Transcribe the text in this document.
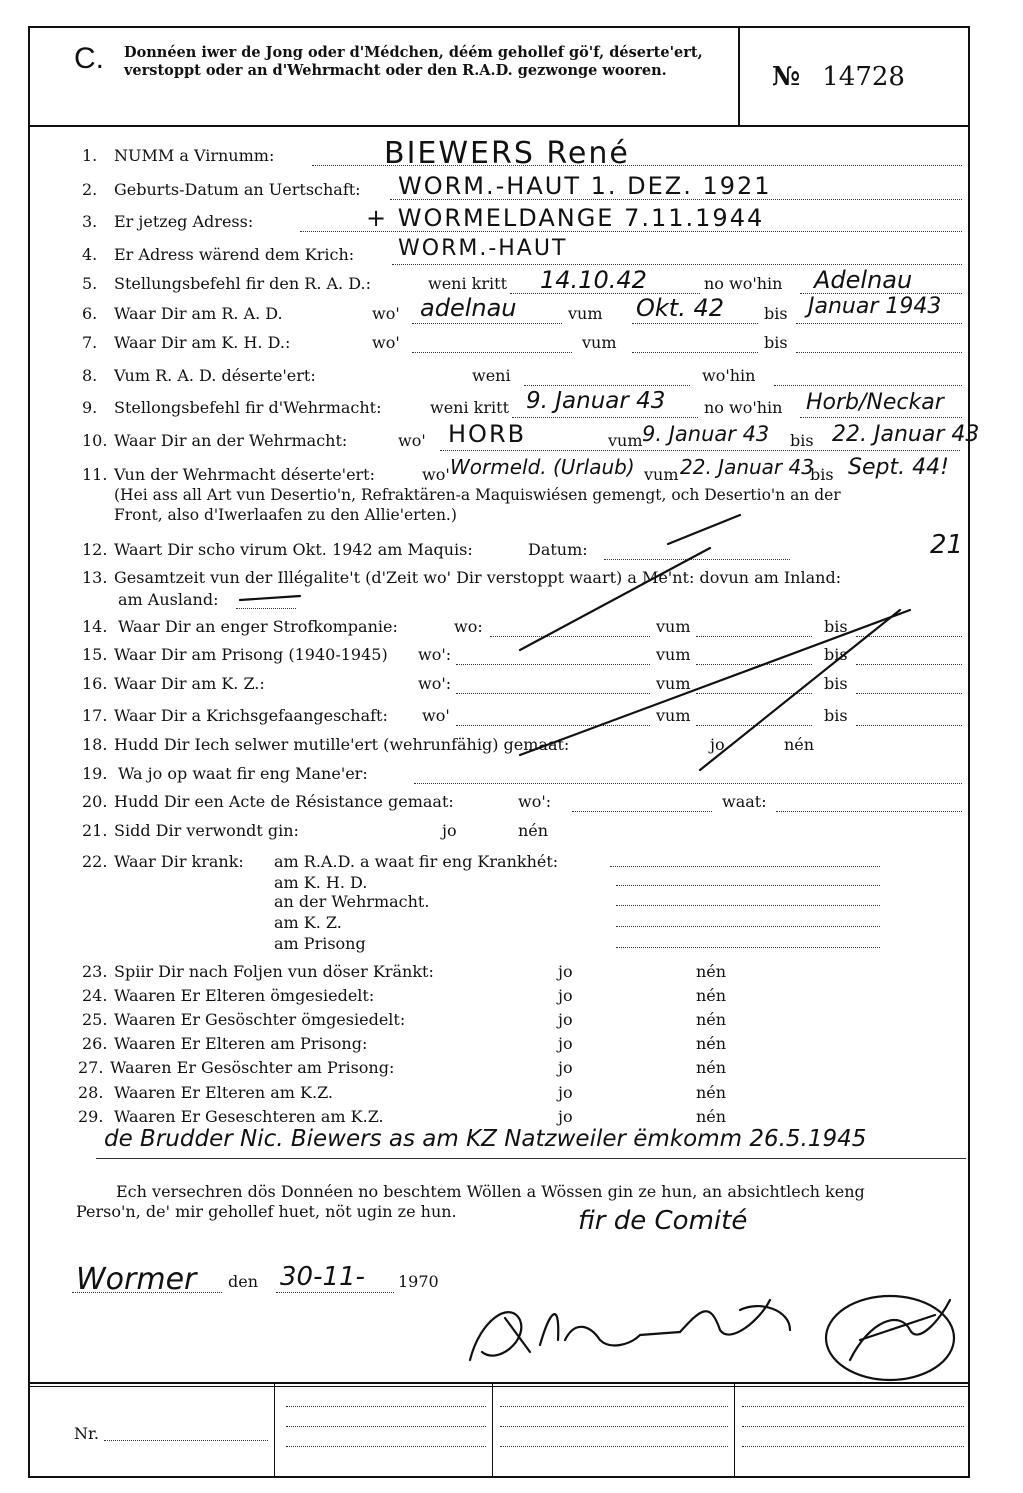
C. Donnéen iwer de Jong oder d'Médchen, déém gehollef gö'f, déserte'ert, verstoppt oder an d'Wehrmacht oder den R.A.D. gezwonge wooren.	№ 14728
1. NUMM a Virnumm:	BIEWERS René
2. Geburts-Datum an Uertschaft: WORM.-HAUT 1. DEZ. 1921
3. Er jetzeg Adress:	+ WORMELDANGE 7.11.1944
4. Er Adress wärend dem Krich: WORM.-HAUT
5. Stellungsbefehl fir den R. A. D.:	weni kritt	no wo'hin
14.10.42	Adelnau
6. Waar Dir am R. A. D.	wo'	vum	bis
adelnau	Okt. 42	Januar 1943
7. Waar Dir am K. H. D.:	wo'	vum	bis
8. Vum R. A. D. déserte'ert:	weni	wo'hin
9. Stellongsbefehl fir d'Wehrmacht:	weni kritt	no wo'hin
9. Januar 43	Horb/Neckar
10. Waar Dir an der Wehrmacht:	wo'	vum	bis
HORB	9. Januar 43	22. Januar 43
11. Vun der Wehrmacht déserte'ert:	wo'	vum	bis
Wormeld. (Urlaub) 22. Januar 43 Sept. 44!
(Hei ass all Art vun Desertio'n, Refraktären-a Maquiswiésen gemengt, och Desertio'n an der
Front, also d'Iwerlaafen zu den Allie'erten.)
12. Waart Dir scho virum Okt. 1942 am Maquis:	Datum:
13. Gesamtzeit vun der Illégalite't (d'Zeit wo' Dir verstoppt waart) a Me'nt: dovun am Inland:
21
am Ausland:
14. Waar Dir an enger Strofkompanie:	wo:	vum	bis
15. Waar Dir am Prisong (1940-1945) wo':	vum	bis
16. Waar Dir am K. Z.:	wo':	vum	bis
17. Waar Dir a Krichsgefaangeschaft: wo'	vum	bis
18. Hudd Dir Iech selwer mutille'ert (wehrunfähig) gemaat:	jo	nén
19. Wa jo op waat fir eng Mane'er:
20. Hudd Dir een Acte de Résistance gemaat:	wo':	waat:
21. Sidd Dir verwondt gin:	jo	nén
22. Waar Dir krank: am R.A.D. a waat fir eng Krankhét:
am K. H. D.
an der Wehrmacht.
am K. Z.
am Prisong
23. Spiir Dir nach Foljen vun döser Kränkt:	jo	nén
24. Waaren Er Elteren ömgesiedelt:	jo	nén
25. Waaren Er Gesöschter ömgesiedelt:	jo	nén
26. Waaren Er Elteren am Prisong:	jo	nén
27. Waaren Er Gesöschter am Prisong:	jo	nén
28. Waaren Er Elteren am K.Z.	jo	nén
29. Waaren Er Geseschteren am K.Z.	jo	nén
de Brudder Nic. Biewers as am KZ Natzweiler ëmkomm 26.5.1945
Ech versechren dös Donnéen no beschtem Wöllen a Wössen gin ze hun, an absichtlech keng
Perso'n, de' mir gehollef huet, nöt ugin ze hun.	fir de Comité
Wormer den 30-11- 1970
Nr.
